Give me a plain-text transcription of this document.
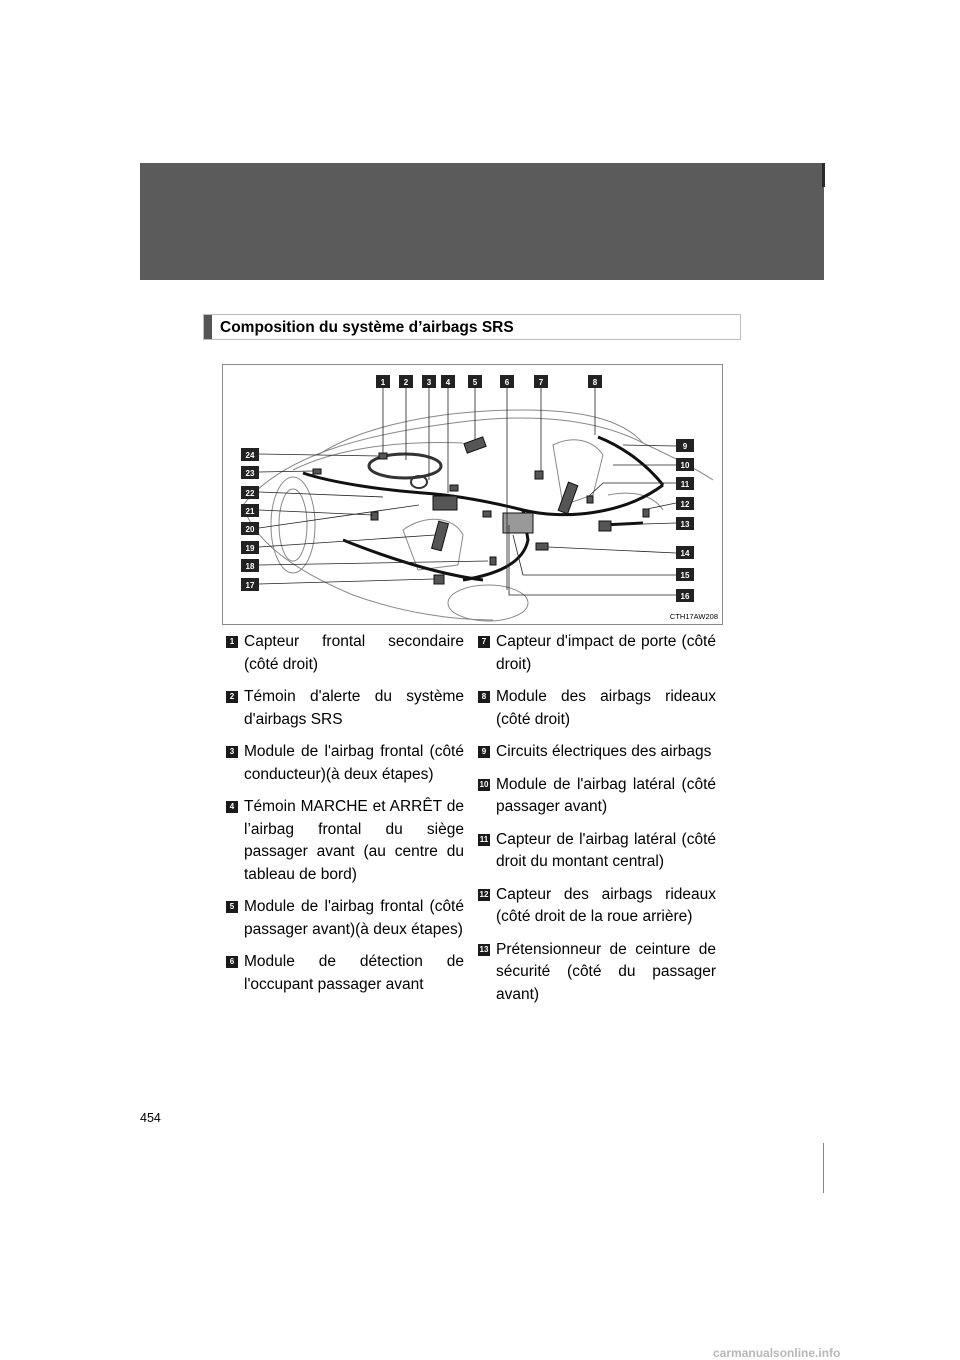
Composition du système d’airbags SRS
1 2 3 4	5	6	7	8
9
10
11
12
13
14
15
16
24
23
22
21
20
19
18
17
CTH17AW208
1 Capteur frontal secondaire (côté droit)
2 Témoin d'alerte du système d'airbags SRS
3 Module de l'airbag frontal (côté conducteur)(à deux étapes)
4 Témoin MARCHE et ARRÊT de l’airbag frontal du siège passager avant (au centre du tableau de bord)
5 Module de l'airbag frontal (côté passager avant)(à deux étapes)
6 Module de détection de l'occupant passager avant
7 Capteur d'impact de porte (côté droit)
8 Module des airbags rideaux (côté droit)
9 Circuits électriques des airbags
10 Module de l'airbag latéral (côté passager avant)
11 Capteur de l'airbag latéral (côté droit du montant central)
12 Capteur des airbags rideaux (côté droit de la roue arrière)
13 Prétensionneur de ceinture de sécurité (côté du passager avant)
454
carmanualsonline.info
